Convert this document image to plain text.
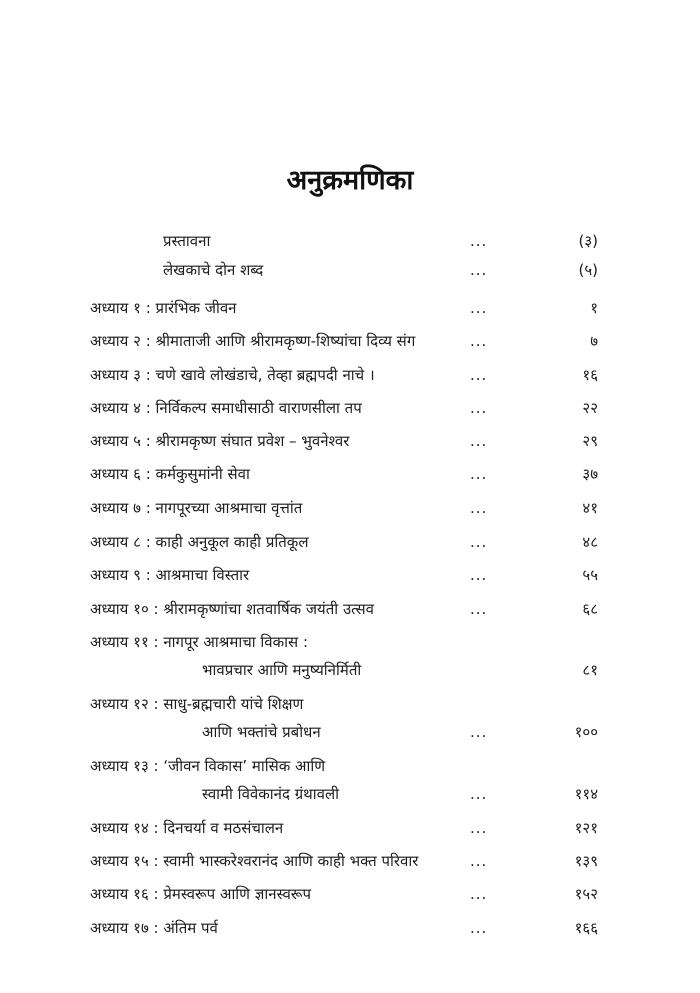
अनुक्रमणिका
प्रस्तावना	...	(३)
लेखकाचे दोन शब्द	...	(५)
अध्याय १ : प्रारंभिक जीवन	...	१
अध्याय २ : श्रीमाताजी आणि श्रीरामकृष्ण-शिष्यांचा दिव्य संग	...	७
अध्याय ३ : चणे खावे लोखंडाचे, तेव्हा ब्रह्मपदी नाचे ।	...	१६
अध्याय ४ : निर्विकल्प समाधीसाठी वाराणसीला तप	...	२२
अध्याय ५ : श्रीरामकृष्ण संघात प्रवेश – भुवनेश्वर	...	२९
अध्याय ६ : कर्मकुसुमांनी सेवा	...	३७
अध्याय ७ : नागपूरच्या आश्रमाचा वृत्तांत	...	४१
अध्याय ८ : काही अनुकूल काही प्रतिकूल	...	४८
अध्याय ९ : आश्रमाचा विस्तार	...	५५
अध्याय १० : श्रीरामकृष्णांचा शतवार्षिक जयंती उत्सव	...	६८
अध्याय ११ : नागपूर आश्रमाचा विकास :
भावप्रचार आणि मनुष्यनिर्मिती	८१
अध्याय १२ : साधु-ब्रह्मचारी यांचे शिक्षण
आणि भक्तांचे प्रबोधन	...	१००
अध्याय १३ : ‘जीवन विकास’ मासिक आणि
स्वामी विवेकानंद ग्रंथावली	...	११४
अध्याय १४ : दिनचर्या व मठसंचालन	...	१२१
अध्याय १५ : स्वामी भास्करेश्वरानंद आणि काही भक्त परिवार	...	१३९
अध्याय १६ : प्रेमस्वरूप आणि ज्ञानस्वरूप	...	१५२
अध्याय १७ : अंतिम पर्व	...	१६६
